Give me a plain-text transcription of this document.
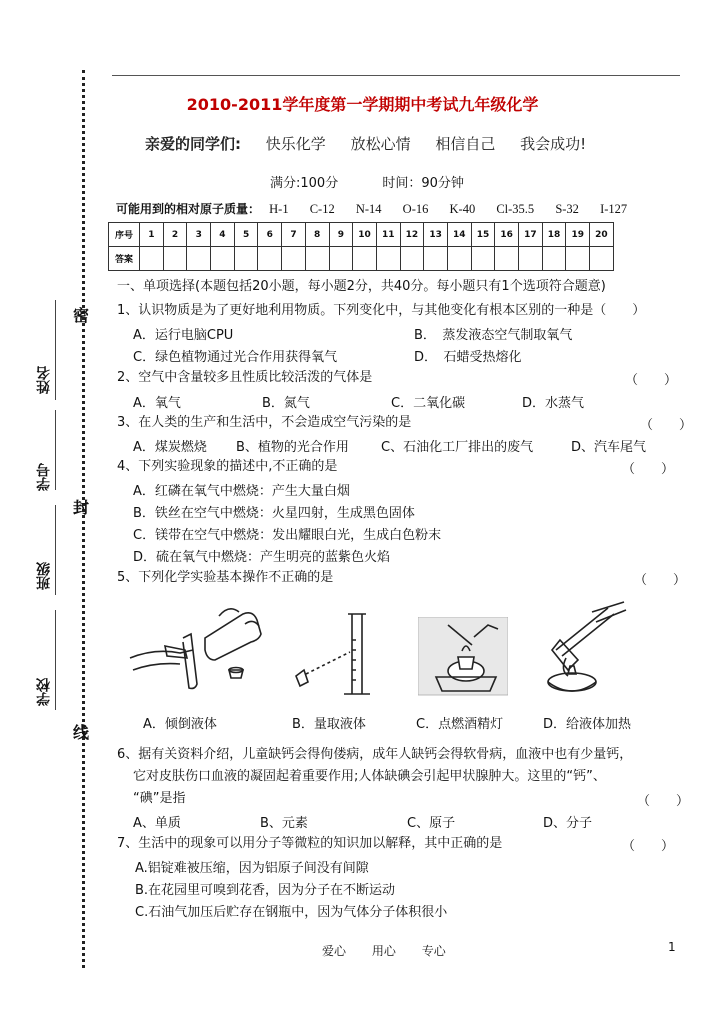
密
封
线
姓名
学号
班级
学校
2010-2011学年度第一学期期中考试九年级化学
亲爱的同学们: 快乐化学 放松心情 相信自己 我会成功!
满分:100分	时间：90分钟
可能用到的相对原子质量： H-1 C-12 N-14 O-16 K-40 Cl-35.5 S-32 I-127
序号	1	2	3	4	5	6	7	8	9	10	11	12	13	14	15	16	17	18	19	20
答案																				
一、单项选择(本题包括20小题，每小题2分，共40分。每小题只有1个选项符合题意)
1、认识物质是为了更好地利用物质。下列变化中，与其他变化有根本区别的一种是（　　）
A．运行电脑CPU	B．　蒸发液态空气制取氧气
C．绿色植物通过光合作用获得氧气	D．　石蜡受热熔化
2、空气中含量较多且性质比较活泼的气体是	（　　）
A．氧气	B．氮气	C．二氧化碳	D．水蒸气
3、在人类的生产和生活中，不会造成空气污染的是	（　　）
A．煤炭燃烧 B、植物的光合作用 C、石油化工厂排出的废气	D、汽车尾气
4、下列实验现象的描述中,不正确的是	（　　）
A．红磷在氧气中燃烧：产生大量白烟
B．铁丝在空气中燃烧：火星四射，生成黑色固体
C．镁带在空气中燃烧：发出耀眼白光，生成白色粉末
D．硫在氧气中燃烧：产生明亮的蓝紫色火焰
5、下列化学实验基本操作不正确的是	（　　）
A．倾倒液体	B．量取液体	C．点燃酒精灯	D．给液体加热
6、据有关资料介绍，儿童缺钙会得佝偻病，成年人缺钙会得软骨病，血液中也有少量钙，
它对皮肤伤口血液的凝固起着重要作用;人体缺碘会引起甲状腺肿大。这里的“钙”、
“碘”是指	（　　）
A、单质	B、元素	C、原子	D、分子
7、生活中的现象可以用分子等微粒的知识加以解释，其中正确的是	（　　）
A.铝锭难被压缩，因为铝原子间没有间隙
B.在花园里可嗅到花香，因为分子在不断运动
C.石油气加压后贮存在钢瓶中，因为气体分子体积很小
爱心 用心 专心	1
